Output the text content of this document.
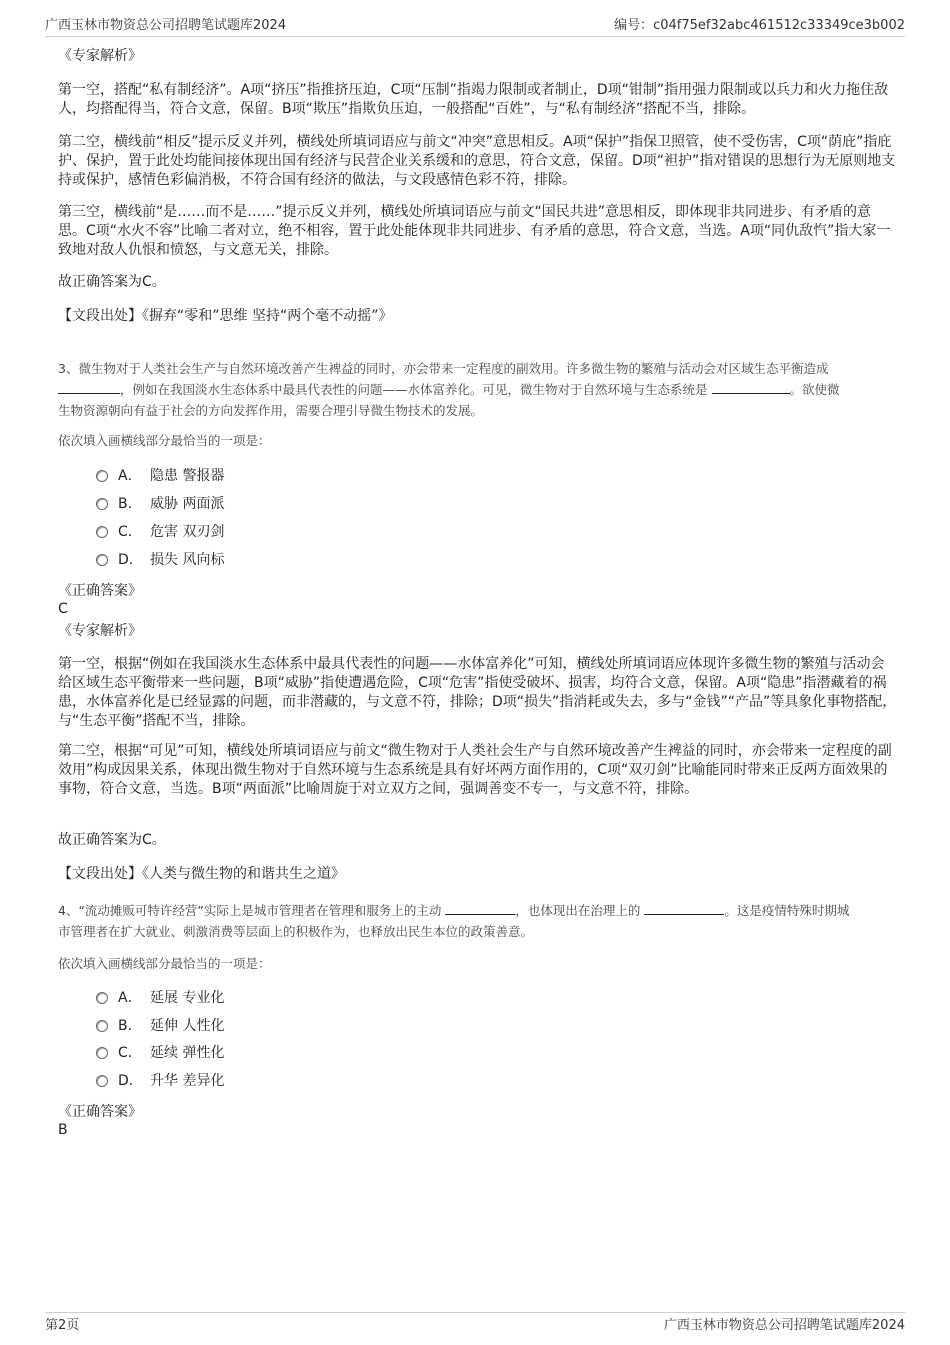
广西玉林市物资总公司招聘笔试题库2024	编号：c04f75ef32abc461512c33349ce3b002
《专家解析》
第一空，搭配“私有制经济”。A项“挤压”指推挤压迫，C项“压制”指竭力限制或者制止，D项“钳制”指用强力限制或以兵力和火力拖住敌人，均搭配得当，符合文意，保留。B项“欺压”指欺负压迫，一般搭配“百姓”，与“私有制经济”搭配不当，排除。
第二空，横线前“相反”提示反义并列，横线处所填词语应与前文“冲突”意思相反。A项“保护”指保卫照管，使不受伤害，C项“荫庇”指庇护、保护，置于此处均能间接体现出国有经济与民营企业关系缓和的意思，符合文意，保留。D项“袒护”指对错误的思想行为无原则地支持或保护，感情色彩偏消极，不符合国有经济的做法，与文段感情色彩不符，排除。
第三空，横线前“是……而不是……”提示反义并列，横线处所填词语应与前文“国民共进”意思相反，即体现非共同进步、有矛盾的意思。C项“水火不容”比喻二者对立，绝不相容，置于此处能体现非共同进步、有矛盾的意思，符合文意，当选。A项“同仇敌忾”指大家一致地对敌人仇恨和愤怒，与文意无关，排除。
故正确答案为C。
【文段出处】《摒弃“零和”思维 坚持“两个毫不动摇”》
3、微生物对于人类社会生产与自然环境改善产生裨益的同时，亦会带来一定程度的副效用。许多微生物的繁殖与活动会对区域生态平衡造成
，例如在我国淡水生态体系中最具代表性的问题——水体富养化。可见，微生物对于自然环境与生态系统是	。欲使微
生物资源朝向有益于社会的方向发挥作用，需要合理引导微生物技术的发展。
依次填入画横线部分最恰当的一项是：
A． 隐患 警报器
B． 威胁 两面派
C． 危害 双刃剑
D． 损失 风向标
《正确答案》
C
《专家解析》
第一空，根据“例如在我国淡水生态体系中最具代表性的问题——水体富养化”可知，横线处所填词语应体现许多微生物的繁殖与活动会给区域生态平衡带来一些问题，B项“威胁”指使遭遇危险，C项“危害”指使受破坏、损害，均符合文意，保留。A项“隐患”指潜藏着的祸患，水体富养化是已经显露的问题，而非潜藏的，与文意不符，排除；D项“损失”指消耗或失去，多与“金钱”“产品”等具象化事物搭配，与“生态平衡”搭配不当，排除。
第二空，根据“可见”可知，横线处所填词语应与前文“微生物对于人类社会生产与自然环境改善产生裨益的同时，亦会带来一定程度的副效用”构成因果关系，体现出微生物对于自然环境与生态系统是具有好坏两方面作用的，C项“双刃剑”比喻能同时带来正反两方面效果的事物，符合文意，当选。B项“两面派”比喻周旋于对立双方之间，强调善变不专一，与文意不符，排除。
故正确答案为C。
【文段出处】《人类与微生物的和谐共生之道》
4、“流动摊贩可特许经营”实际上是城市管理者在管理和服务上的主动	，也体现出在治理上的	。这是疫情特殊时期城
市管理者在扩大就业、刺激消费等层面上的积极作为，也释放出民生本位的政策善意。
依次填入画横线部分最恰当的一项是：
A． 延展 专业化
B． 延伸 人性化
C． 延续 弹性化
D． 升华 差异化
《正确答案》
B
第2页	广西玉林市物资总公司招聘笔试题库2024
